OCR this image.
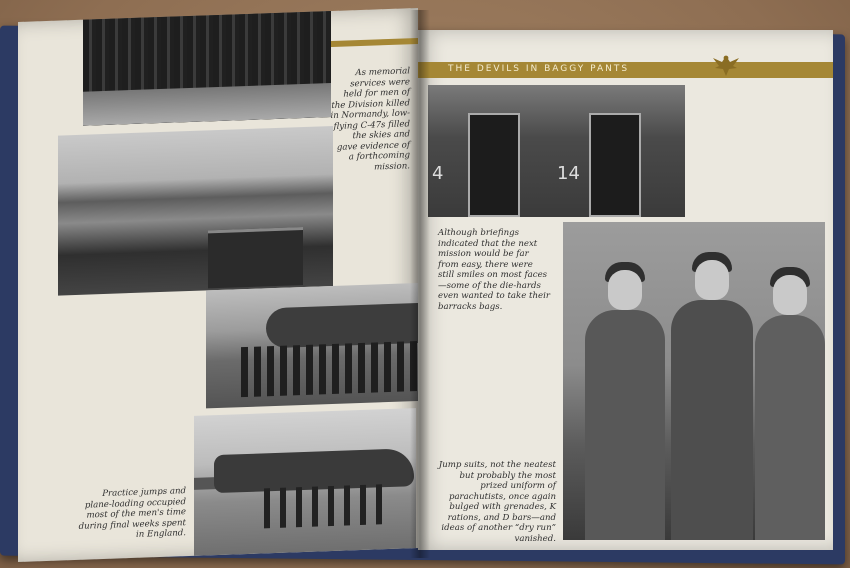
As memorial services were held for men of the Division killed in Normandy, low-flying C-47s filled the skies and gave evidence of a forthcoming mission.
Practice jumps and plane-loading occupied most of the men's time during final weeks spent in England.
THE DEVILS IN BAGGY PANTS
4	14
Although briefings indicated that the next mission would be far from easy, there were still smiles on most faces—some of the die-hards even wanted to take their barracks bags.
Jump suits, not the neatest but probably the most prized uniform of parachutists, once again bulged with grenades, K rations, and D bars—and ideas of another “dry run” vanished.
